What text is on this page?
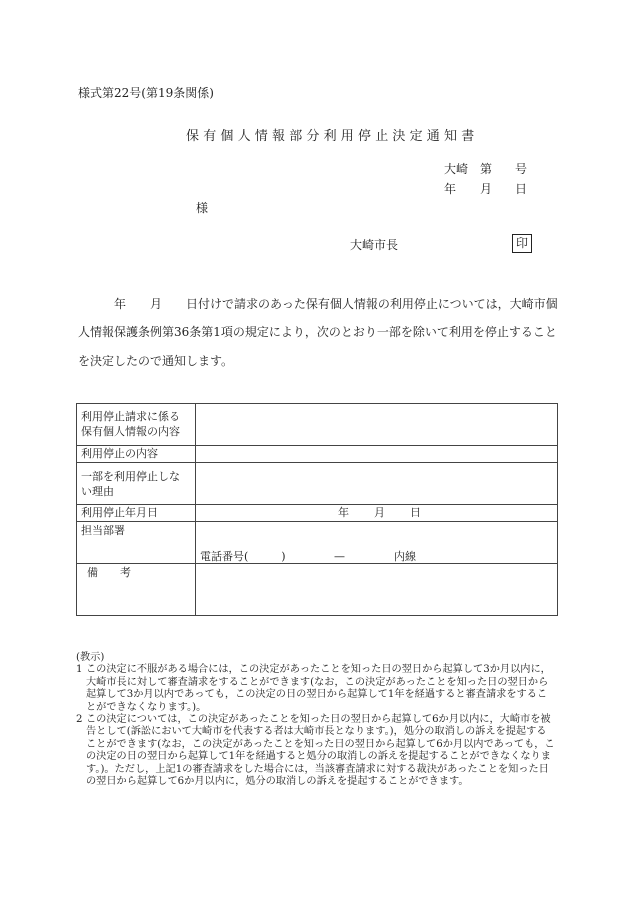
様式第22号(第19条関係)
保有個人情報部分利用停止決定通知書
大崎 第 号
年 月 日
様
大崎市長	印
年　　月　　日付けで請求のあった保有個人情報の利用停止については，大崎市個
人情報保護条例第36条第1項の規定により，次のとおり一部を除いて利用を停止すること
を決定したので通知します。
利用停止請求に係る
保有個人情報の内容	

利用停止の内容	

一部を利用停止しな
い理由	

利用停止年月日	年 月 日

担当部署	電話番号(　　　) — 内線

備　　考	

(教示)
1 この決定に不服がある場合には，この決定があったことを知った日の翌日から起算して3か月以内に，大崎市長に対して審査請求をすることができます(なお，この決定があったことを知った日の翌日から起算して3か月以内であっても，この決定の日の翌日から起算して1年を経過すると審査請求をすることができなくなります。)。
2 この決定については，この決定があったことを知った日の翌日から起算して6か月以内に，大崎市を被告として(訴訟において大崎市を代表する者は大崎市長となります。)，処分の取消しの訴えを提起することができます(なお，この決定があったことを知った日の翌日から起算して6か月以内であっても，この決定の日の翌日から起算して1年を経過すると処分の取消しの訴えを提起することができなくなります。)。ただし，上記1の審査請求をした場合には，当該審査請求に対する裁決があったことを知った日の翌日から起算して6か月以内に，処分の取消しの訴えを提起することができます。
